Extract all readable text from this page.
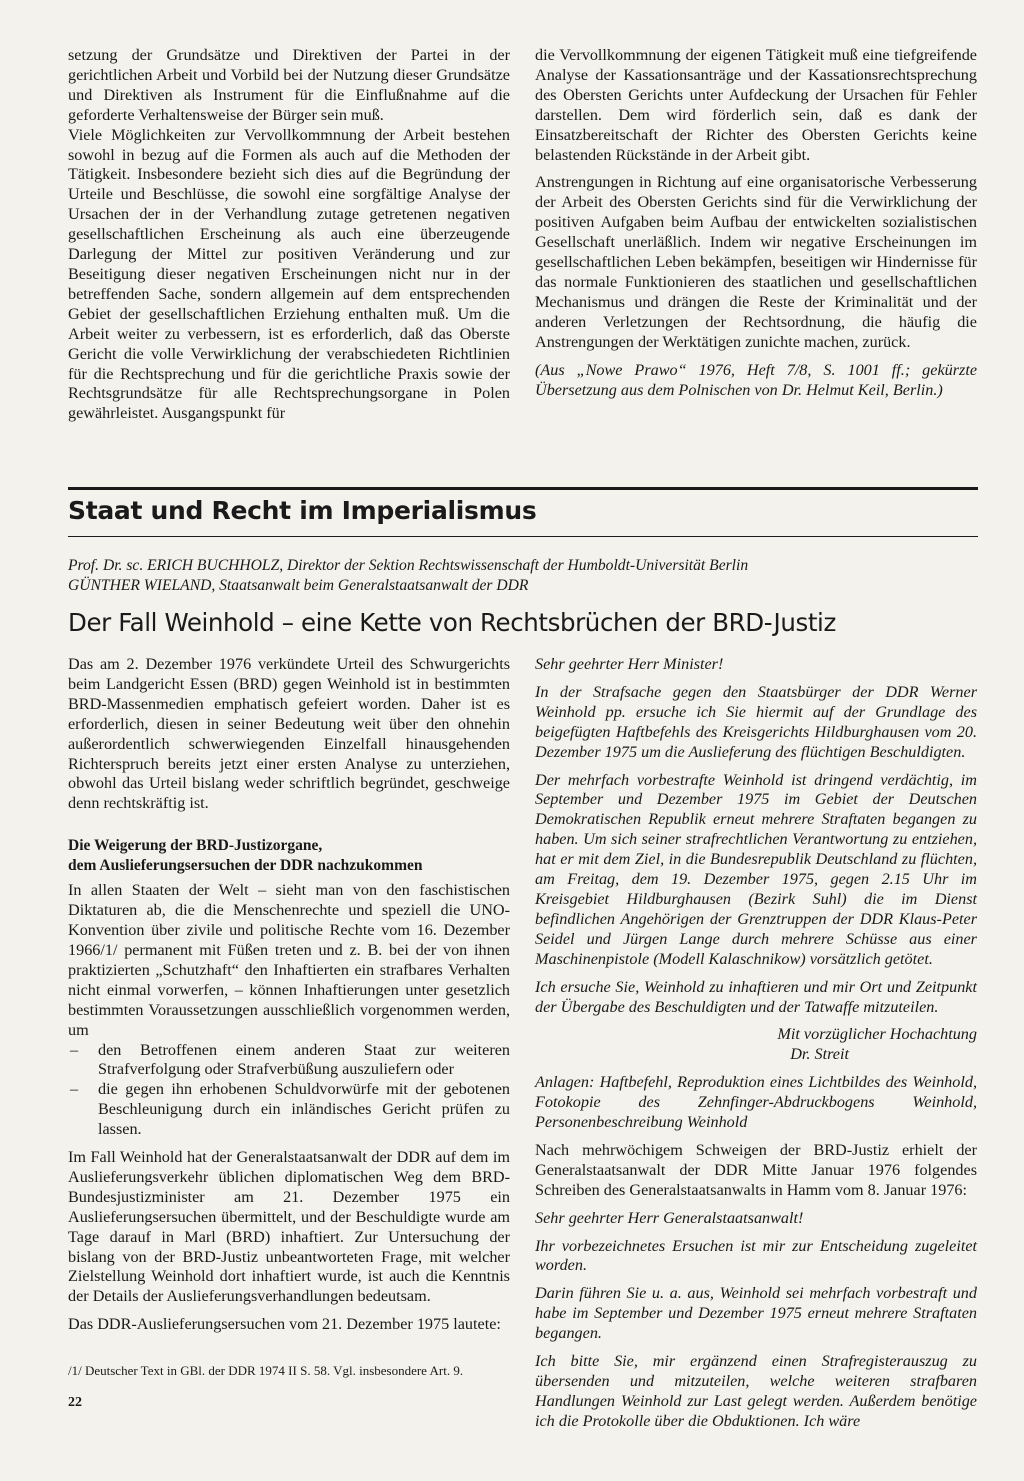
setzung der Grundsätze und Direktiven der Partei in der gerichtlichen Arbeit und Vorbild bei der Nutzung dieser Grundsätze und Direktiven als Instrument für die Einflußnahme auf die geforderte Verhaltensweise der Bürger sein muß.

Viele Möglichkeiten zur Vervollkommnung der Arbeit bestehen sowohl in bezug auf die Formen als auch auf die Methoden der Tätigkeit. Insbesondere bezieht sich dies auf die Begründung der Urteile und Beschlüsse, die sowohl eine sorgfältige Analyse der Ursachen der in der Verhandlung zutage getretenen negativen gesellschaftlichen Erscheinung als auch eine überzeugende Darlegung der Mittel zur positiven Veränderung und zur Beseitigung dieser negativen Erscheinungen nicht nur in der betreffenden Sache, sondern allgemein auf dem entsprechenden Gebiet der gesellschaftlichen Erziehung enthalten muß. Um die Arbeit weiter zu verbessern, ist es erforderlich, daß das Oberste Gericht die volle Verwirklichung der verabschiedeten Richtlinien für die Rechtsprechung und für die gerichtliche Praxis sowie der Rechtsgrundsätze für alle Rechtsprechungsorgane in Polen gewährleistet. Ausgangspunkt für

die Vervollkommnung der eigenen Tätigkeit muß eine tiefgreifende Analyse der Kassationsanträge und der Kassationsrechtsprechung des Obersten Gerichts unter Aufdeckung der Ursachen für Fehler darstellen. Dem wird förderlich sein, daß es dank der Einsatzbereitschaft der Richter des Obersten Gerichts keine belastenden Rückstände in der Arbeit gibt.

Anstrengungen in Richtung auf eine organisatorische Verbesserung der Arbeit des Obersten Gerichts sind für die Verwirklichung der positiven Aufgaben beim Aufbau der entwickelten sozialistischen Gesellschaft unerläßlich. Indem wir negative Erscheinungen im gesellschaftlichen Leben bekämpfen, beseitigen wir Hindernisse für das normale Funktionieren des staatlichen und gesellschaftlichen Mechanismus und drängen die Reste der Kriminalität und der anderen Verletzungen der Rechtsordnung, die häufig die Anstrengungen der Werktätigen zunichte machen, zurück.

(Aus „Nowe Prawo“ 1976, Heft 7/8, S. 1001 ff.; gekürzte Übersetzung aus dem Polnischen von Dr. Helmut Keil, Berlin.)

Staat und Recht im Imperialismus
Prof. Dr. sc. ERICH BUCHHOLZ, Direktor der Sektion Rechtswissenschaft der Humboldt-Universität Berlin
GÜNTHER WIELAND, Staatsanwalt beim Generalstaatsanwalt der DDR
Der Fall Weinhold – eine Kette von Rechtsbrüchen der BRD-Justiz

Das am 2. Dezember 1976 verkündete Urteil des Schwurgerichts beim Landgericht Essen (BRD) gegen Weinhold ist in bestimmten BRD-Massenmedien emphatisch gefeiert worden. Daher ist es erforderlich, diesen in seiner Bedeutung weit über den ohnehin außerordentlich schwerwiegenden Einzelfall hinausgehenden Richterspruch bereits jetzt einer ersten Analyse zu unterziehen, obwohl das Urteil bislang weder schriftlich begründet, geschweige denn rechtskräftig ist.

Die Weigerung der BRD-Justizorgane,
dem Auslieferungsersuchen der DDR nachzukommen

In allen Staaten der Welt – sieht man von den faschistischen Diktaturen ab, die die Menschenrechte und speziell die UNO-Konvention über zivile und politische Rechte vom 16. Dezember 1966/1/ permanent mit Füßen treten und z. B. bei der von ihnen praktizierten „Schutzhaft“ den Inhaftierten ein strafbares Verhalten nicht einmal vorwerfen, – können Inhaftierungen unter gesetzlich bestimmten Voraussetzungen ausschließlich vorgenommen werden, um

– den Betroffenen einem anderen Staat zur weiteren Strafverfolgung oder Strafverbüßung auszuliefern oder
– die gegen ihn erhobenen Schuldvorwürfe mit der gebotenen Beschleunigung durch ein inländisches Gericht prüfen zu lassen.

Im Fall Weinhold hat der Generalstaatsanwalt der DDR auf dem im Auslieferungsverkehr üblichen diplomatischen Weg dem BRD-Bundesjustizminister am 21. Dezember 1975 ein Auslieferungsersuchen übermittelt, und der Beschuldigte wurde am Tage darauf in Marl (BRD) inhaftiert. Zur Untersuchung der bislang von der BRD-Justiz unbeantworteten Frage, mit welcher Zielstellung Weinhold dort inhaftiert wurde, ist auch die Kenntnis der Details der Auslieferungsverhandlungen bedeutsam.

Das DDR-Auslieferungsersuchen vom 21. Dezember 1975 lautete:

/1/ Deutscher Text in GBl. der DDR 1974 II S. 58. Vgl. insbesondere Art. 9.

Sehr geehrter Herr Minister!

In der Strafsache gegen den Staatsbürger der DDR Werner Weinhold pp. ersuche ich Sie hiermit auf der Grundlage des beigefügten Haftbefehls des Kreisgerichts Hildburghausen vom 20. Dezember 1975 um die Auslieferung des flüchtigen Beschuldigten.

Der mehrfach vorbestrafte Weinhold ist dringend verdächtig, im September und Dezember 1975 im Gebiet der Deutschen Demokratischen Republik erneut mehrere Straftaten begangen zu haben. Um sich seiner strafrechtlichen Verantwortung zu entziehen, hat er mit dem Ziel, in die Bundesrepublik Deutschland zu flüchten, am Freitag, dem 19. Dezember 1975, gegen 2.15 Uhr im Kreisgebiet Hildburghausen (Bezirk Suhl) die im Dienst befindlichen Angehörigen der Grenztruppen der DDR Klaus-Peter Seidel und Jürgen Lange durch mehrere Schüsse aus einer Maschinenpistole (Modell Kalaschnikow) vorsätzlich getötet.

Ich ersuche Sie, Weinhold zu inhaftieren und mir Ort und Zeitpunkt der Übergabe des Beschuldigten und der Tatwaffe mitzuteilen.

Mit vorzüglicher Hochachtung

Dr. Streit

Anlagen: Haftbefehl, Reproduktion eines Lichtbildes des Weinhold, Fotokopie des Zehnfinger-Abdruckbogens Weinhold, Personenbeschreibung Weinhold

Nach mehrwöchigem Schweigen der BRD-Justiz erhielt der Generalstaatsanwalt der DDR Mitte Januar 1976 folgendes Schreiben des Generalstaatsanwalts in Hamm vom 8. Januar 1976:

Sehr geehrter Herr Generalstaatsanwalt!

Ihr vorbezeichnetes Ersuchen ist mir zur Entscheidung zugeleitet worden.

Darin führen Sie u. a. aus, Weinhold sei mehrfach vorbestraft und habe im September und Dezember 1975 erneut mehrere Straftaten begangen.

Ich bitte Sie, mir ergänzend einen Strafregisterauszug zu übersenden und mitzuteilen, welche weiteren strafbaren Handlungen Weinhold zur Last gelegt werden. Außerdem benötige ich die Protokolle über die Obduktionen. Ich wäre

22
